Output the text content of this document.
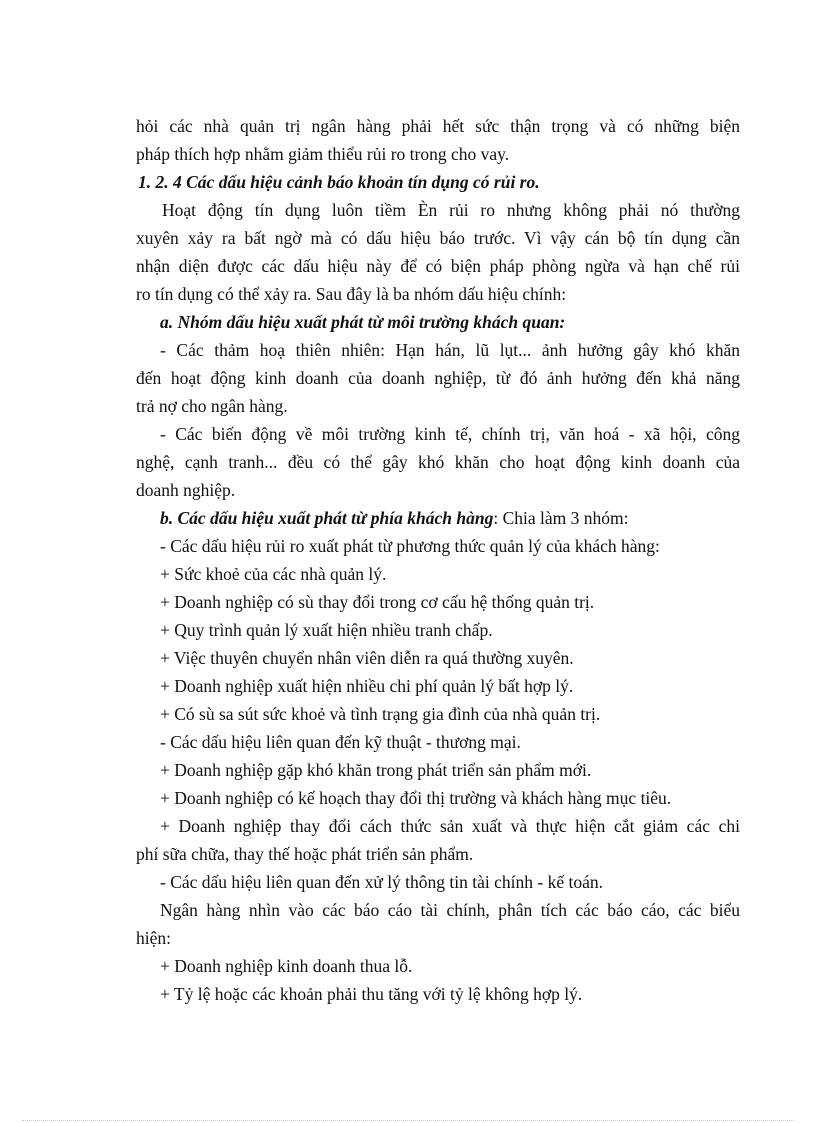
hỏi các nhà quản trị ngân hàng phải hết sức thận trọng và có những biện

pháp thích hợp nhằm giảm thiểu rủi ro trong cho vay.

1. 2. 4 Các dấu hiệu cảnh báo khoản tín dụng có rủi ro.

Hoạt động tín dụng luôn tiềm Èn rủi ro nhưng không phải nó thường

xuyên xảy ra bất ngờ mà có dấu hiệu báo trước. Vì vậy cán bộ tín dụng cần

nhận diện được các dấu hiệu này để có biện pháp phòng ngừa và hạn chế rủi

ro tín dụng có thể xảy ra. Sau đây là ba nhóm dấu hiệu chính:

a. Nhóm dấu hiệu xuất phát từ môi trường khách quan:

- Các thảm hoạ thiên nhiên: Hạn hán, lũ lụt... ảnh hưởng gây khó khăn

đến hoạt động kinh doanh của doanh nghiệp, từ đó ảnh hưởng đến khả năng

trả nợ cho ngân hàng.

- Các biến động về môi trường kinh tế, chính trị, văn hoá - xã hội, công

nghệ, cạnh tranh... đều có thể gây khó khăn cho hoạt động kinh doanh của

doanh nghiệp.

b. Các dấu hiệu xuất phát từ phía khách hàng: Chia làm 3 nhóm:

- Các dấu hiệu rủi ro xuất phát từ phương thức quản lý của khách hàng:

+ Sức khoẻ của các nhà quản lý.

+ Doanh nghiệp có sù thay đổi trong cơ cấu hệ thống quản trị.

+ Quy trình quản lý xuất hiện nhiều tranh chấp.

+ Việc thuyên chuyển nhân viên diễn ra quá thường xuyên.

+ Doanh nghiệp xuất hiện nhiều chi phí quản lý bất hợp lý.

+ Có sù sa sút sức khoẻ và tình trạng gia đình của nhà quản trị.

- Các dấu hiệu liên quan đến kỹ thuật - thương mại.

+ Doanh nghiệp gặp khó khăn trong phát triển sản phẩm mới.

+ Doanh nghiệp có kế hoạch thay đổi thị trường và khách hàng mục tiêu.

+ Doanh nghiệp thay đổi cách thức sản xuất và thực hiện cắt giảm các chi

phí sữa chữa, thay thế hoặc phát triển sản phẩm.

- Các dấu hiệu liên quan đến xử lý thông tin tài chính - kế toán.

Ngân hàng nhìn vào các báo cáo tài chính, phân tích các báo cáo, các biểu

hiện:

+ Doanh nghiệp kinh doanh thua lỗ.

+ Tỷ lệ hoặc các khoản phải thu tăng với tỷ lệ không hợp lý.
